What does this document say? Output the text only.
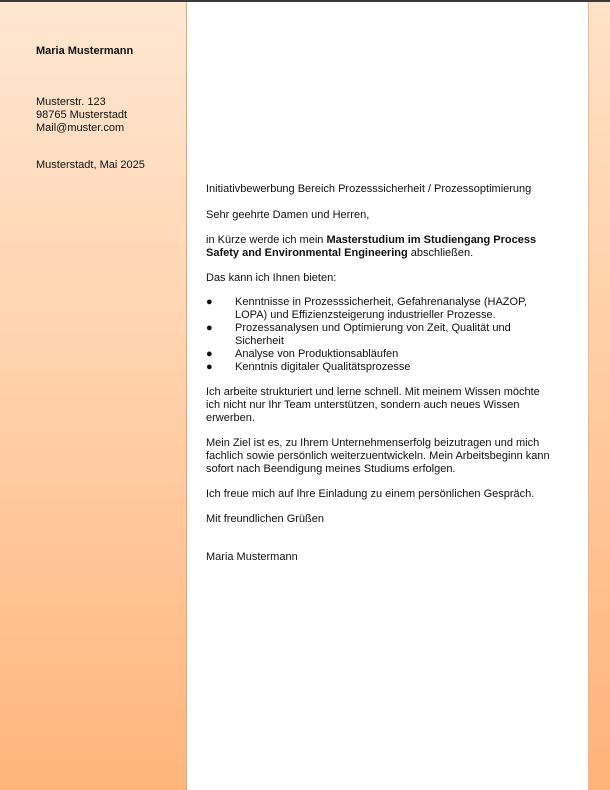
Maria Mustermann
Musterstr. 123
98765 Musterstadt
Mail@muster.com
Musterstadt, Mai 2025

Initiativbewerbung Bereich Prozesssicherheit / Prozessoptimierung

Sehr geehrte Damen und Herren,

in Kürze werde ich mein Masterstudium im Studiengang Process Safety and Environmental Engineering abschließen.

Das kann ich Ihnen bieten:

● Kenntnisse in Prozesssicherheit, Gefahrenanalyse (HAZOP, LOPA) und Effizienzsteigerung industrieller Prozesse.
● Prozessanalysen und Optimierung von Zeit, Qualität und Sicherheit
● Analyse von Produktionsabläufen
● Kenntnis digitaler Qualitätsprozesse

Ich arbeite strukturiert und lerne schnell. Mit meinem Wissen möchte ich nicht nur Ihr Team unterstützen, sondern auch neues Wissen erwerben.

Mein Ziel ist es, zu Ihrem Unternehmenserfolg beizutragen und mich fachlich sowie persönlich weiterzuentwickeln. Mein Arbeitsbeginn kann sofort nach Beendigung meines Studiums erfolgen.

Ich freue mich auf Ihre Einladung zu einem persönlichen Gespräch.

Mit freundlichen Grüßen

Maria Mustermann
